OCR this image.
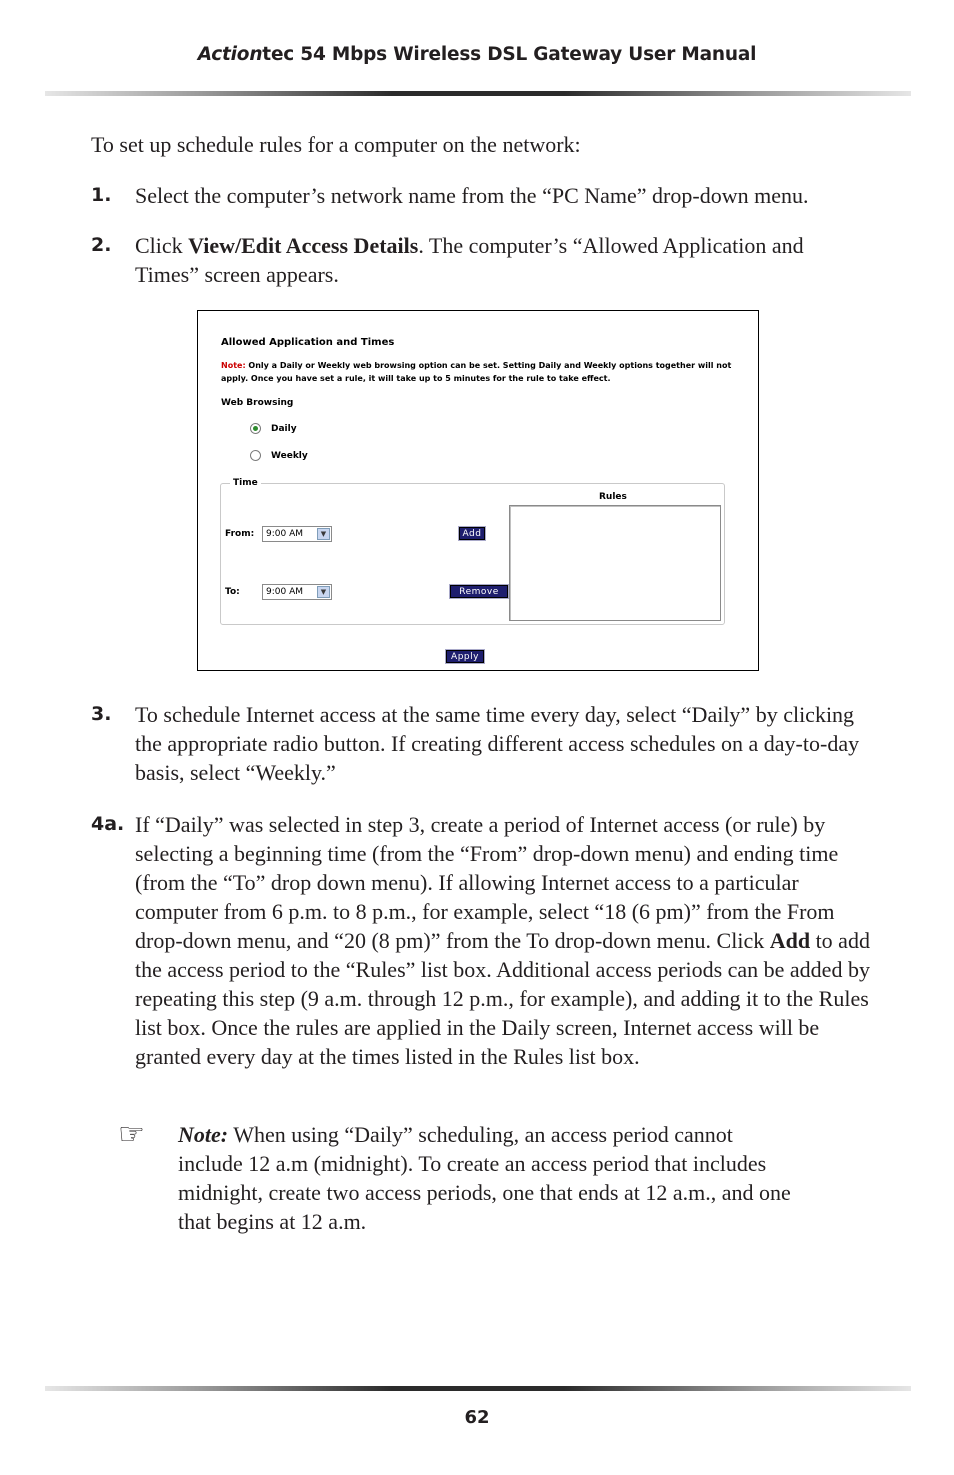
Actiontec 54 Mbps Wireless DSL Gateway User Manual
To set up schedule rules for a computer on the network:
1. Select the computer’s network name from the “PC Name” drop-down menu.
2. Click View/Edit Access Details. The computer’s “Allowed Application and Times” screen appears.
Allowed Application and Times
Note: Only a Daily or Weekly web browsing option can be set. Setting Daily and Weekly options together will not apply. Once you have set a rule, it will take up to 5 minutes for the rule to take effect.
Web Browsing
Daily
Weekly
Time
Rules
From: 9:00 AM	▼
To:	9:00 AM	▼
Add
Remove
Apply
3. To schedule Internet access at the same time every day, select “Daily” by clicking the appropriate radio button. If creating different access schedules on a day-to-day basis, select “Weekly.”
4a. If “Daily” was selected in step 3, create a period of Internet access (or rule) by selecting a beginning time (from the “From” drop-down menu) and ending time (from the “To” drop down menu). If allowing Internet access to a particular computer from 6 p.m. to 8 p.m., for example, select “18 (6 pm)” from the From drop-down menu, and “20 (8 pm)” from the To drop-down menu. Click Add to add the access period to the “Rules” list box. Additional access periods can be added by repeating this step (9 a.m. through 12 p.m., for example), and adding it to the Rules list box. Once the rules are applied in the Daily screen, Internet access will be granted every day at the times listed in the Rules list box.
☞ Note: When using “Daily” scheduling, an access period cannot include 12 a.m (midnight). To create an access period that includes midnight, create two access periods, one that ends at 12 a.m., and one that begins at 12 a.m.
62
